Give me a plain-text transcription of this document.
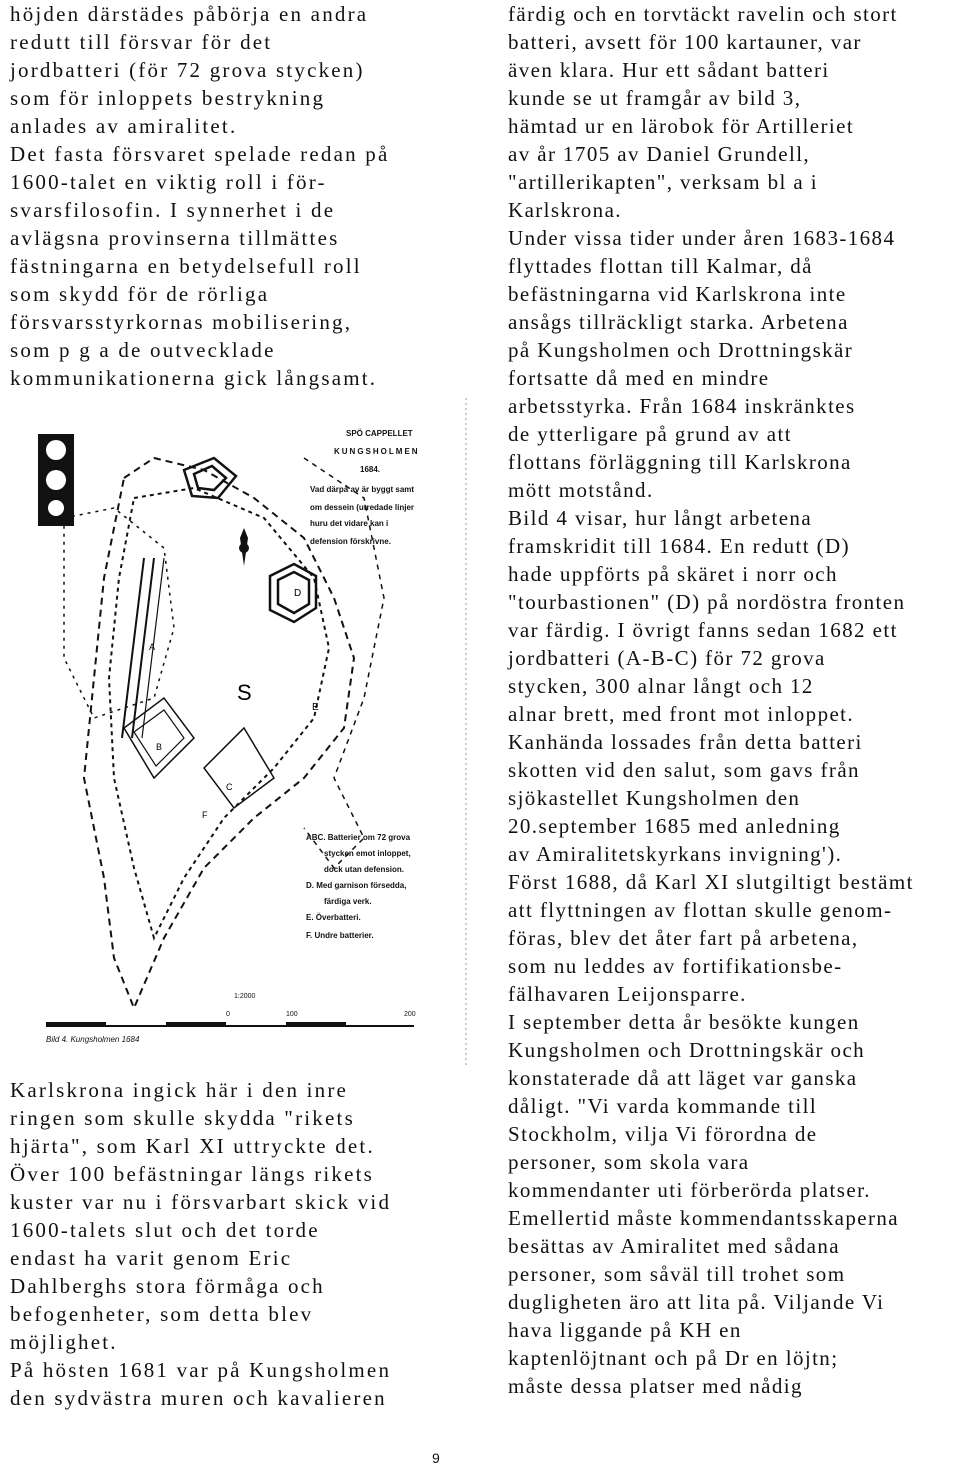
höjden därstädes påbörja en andra
redutt till försvar för det
jordbatteri (för 72 grova stycken)
som för inloppets bestrykning
anlades av amiralitet.
Det fasta försvaret spelade redan på
1600-talet en viktig roll i för-
svarsfilosofin. I synnerhet i de
avlägsna provinserna tillmättes
fästningarna en betydelsefull roll
som skydd för de rörliga
försvarsstyrkornas mobilisering,
som p g a de outvecklade
kommunikationerna gick långsamt.
S
D
E
A
B
C
F
SPÖ CAPPELLET
KUNGSHOLMEN
1684.
Vad därpå av är byggt samt
om dessein (utredade linjer
huru det vidare kan i
defension förskrivne.
ABC. Batterier om 72 grova
stycken emot inloppet,
dock utan defension.
D. Med garnison försedda,
färdiga verk.
E. Överbatteri.
F. Undre batterier.
1:2000
0	100	200
Bild 4. Kungsholmen 1684
9
Karlskrona ingick här i den inre
ringen som skulle skydda "rikets
hjärta", som Karl XI uttryckte det.
Över 100 befästningar längs rikets
kuster var nu i försvarbart skick vid
1600-talets slut och det torde
endast ha varit genom Eric
Dahlberghs stora förmåga och
befogenheter, som detta blev
möjlighet.
På hösten 1681 var på Kungsholmen
den sydvästra muren och kavalieren
färdig och en torvtäckt ravelin och stort
batteri, avsett för 100 kartauner, var
även klara. Hur ett sådant batteri
kunde se ut framgår av bild 3,
hämtad ur en lärobok för Artilleriet
av år 1705 av Daniel Grundell,
"artillerikapten", verksam bl a i
Karlskrona.
Under vissa tider under åren 1683-1684
flyttades flottan till Kalmar, då
befästningarna vid Karlskrona inte
ansågs tillräckligt starka. Arbetena
på Kungsholmen och Drottningskär
fortsatte då med en mindre
arbetsstyrka. Från 1684 inskränktes
de ytterligare på grund av att
flottans förläggning till Karlskrona
mött motstånd.
Bild 4 visar, hur långt arbetena
framskridit till 1684. En redutt (D)
hade uppförts på skäret i norr och
"tourbastionen" (D) på nordöstra fronten
var färdig. I övrigt fanns sedan 1682 ett
jordbatteri (A-B-C) för 72 grova
stycken, 300 alnar långt och 12
alnar brett, med front mot inloppet.
Kanhända lossades från detta batteri
skotten vid den salut, som gavs från
sjökastellet Kungsholmen den
20.september 1685 med anledning
av Amiralitetskyrkans invigning').
Först 1688, då Karl XI slutgiltigt bestämt
att flyttningen av flottan skulle genom-
föras, blev det åter fart på arbetena,
som nu leddes av fortifikationsbe-
fälhavaren Leijonsparre.
I september detta år besökte kungen
Kungsholmen och Drottningskär och
konstaterade då att läget var ganska
dåligt. "Vi varda kommande till
Stockholm, vilja Vi förordna de
personer, som skola vara
kommendanter uti förberörda platser.
Emellertid måste kommendantsskaperna
besättas av Amiralitet med sådana
personer, som såväl till trohet som
dugligheten äro att lita på. Viljande Vi
hava liggande på KH en
kaptenlöjtnant och på Dr en löjtn;
måste dessa platser med nådig
